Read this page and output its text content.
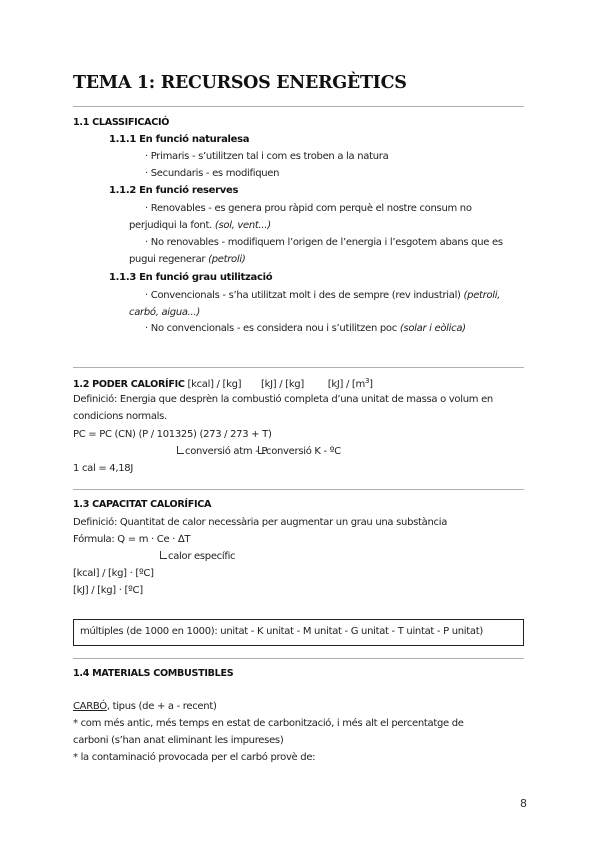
TEMA 1: RECURSOS ENERGÈTICS
1.1 CLASSIFICACIÓ
1.1.1 En funció naturalesa
· Primaris - s’utilitzen tal i com es troben a la natura
· Secundaris - es modifiquen
1.1.2 En funció reserves
· Renovables - es genera prou ràpid com perquè el nostre consum no
perjudiqui la font. (sol, vent...)
· No renovables - modifiquem l’origen de l’energia i l’esgotem abans que es
pugui regenerar (petroli)
1.1.3 En funció grau utilització
· Convencionals - s’ha utilitzat molt i des de sempre (rev industrial) (petroli,
carbó, aigua...)
· No convencionals - es considera nou i s’utilitzen poc (solar i eòlica)
1.2 PODER CALORÍFIC [kcal] / [kg] [kJ] / [kg] $[kJ] / [m^3]$
Definició: Energia que desprèn la combustió completa d’una unitat de massa o volum en
condicions normals.
PC = PC (CN) (P / 101325) (273 / 273 + T)
conversió atm - P
conversió K - ºC
1 cal = 4,18J
1.3 CAPACITAT CALORÍFICA
Definició: Quantitat de calor necessària per augmentar un grau una substància
Fórmula: Q = m · Ce · ∆T
calor específic
[kcal] / [kg] · [ºC]
[kJ] / [kg] · [ºC]
múltiples (de 1000 en 1000): unitat - K unitat - M unitat - G unitat - T uintat - P unitat)
1.4 MATERIALS COMBUSTIBLES
CARBÓ, tipus (de + a - recent)
* com més antic, més temps en estat de carbonització, i més alt el percentatge de
carboni (s’han anat eliminant les impureses)
* la contaminació provocada per el carbó provè de:
8
